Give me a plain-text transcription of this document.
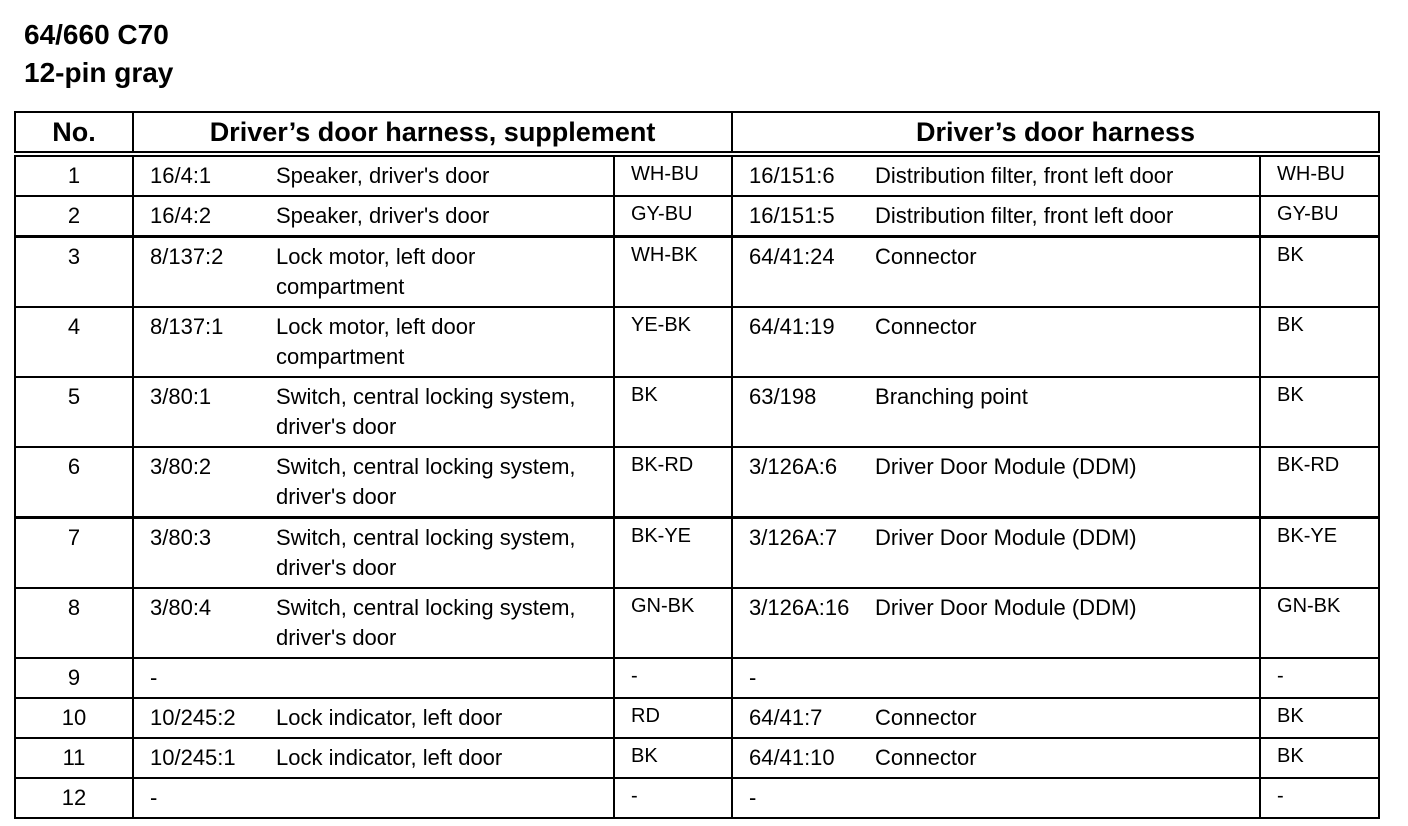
64/660 C70
12-pin gray
No.	Driver’s door harness, supplement		Driver’s door harness	
1	16/4:1 Speaker, driver's door	WH-BU	16/151:6 Distribution filter, front left door	WH-BU
2	16/4:2 Speaker, driver's door	GY-BU	16/151:5 Distribution filter, front left door	GY-BU
3	8/137:2 Lock motor, left door compartment	WH-BK	64/41:24 Connector	BK
4	8/137:1 Lock motor, left door compartment	YE-BK	64/41:19 Connector	BK
5	3/80:1 Switch, central locking system, driver's door	BK	63/198 Branching point	BK
6	3/80:2 Switch, central locking system, driver's door	BK-RD	3/126A:6 Driver Door Module (DDM)	BK-RD
7	3/80:3 Switch, central locking system, driver's door	BK-YE	3/126A:7 Driver Door Module (DDM)	BK-YE
8	3/80:4 Switch, central locking system, driver's door	GN-BK	3/126A:16 Driver Door Module (DDM)	GN-BK
9	-	-	-	-
10	10/245:2 Lock indicator, left door	RD	64/41:7 Connector	BK
11	10/245:1 Lock indicator, left door	BK	64/41:10 Connector	BK
12	-	-	-	-
